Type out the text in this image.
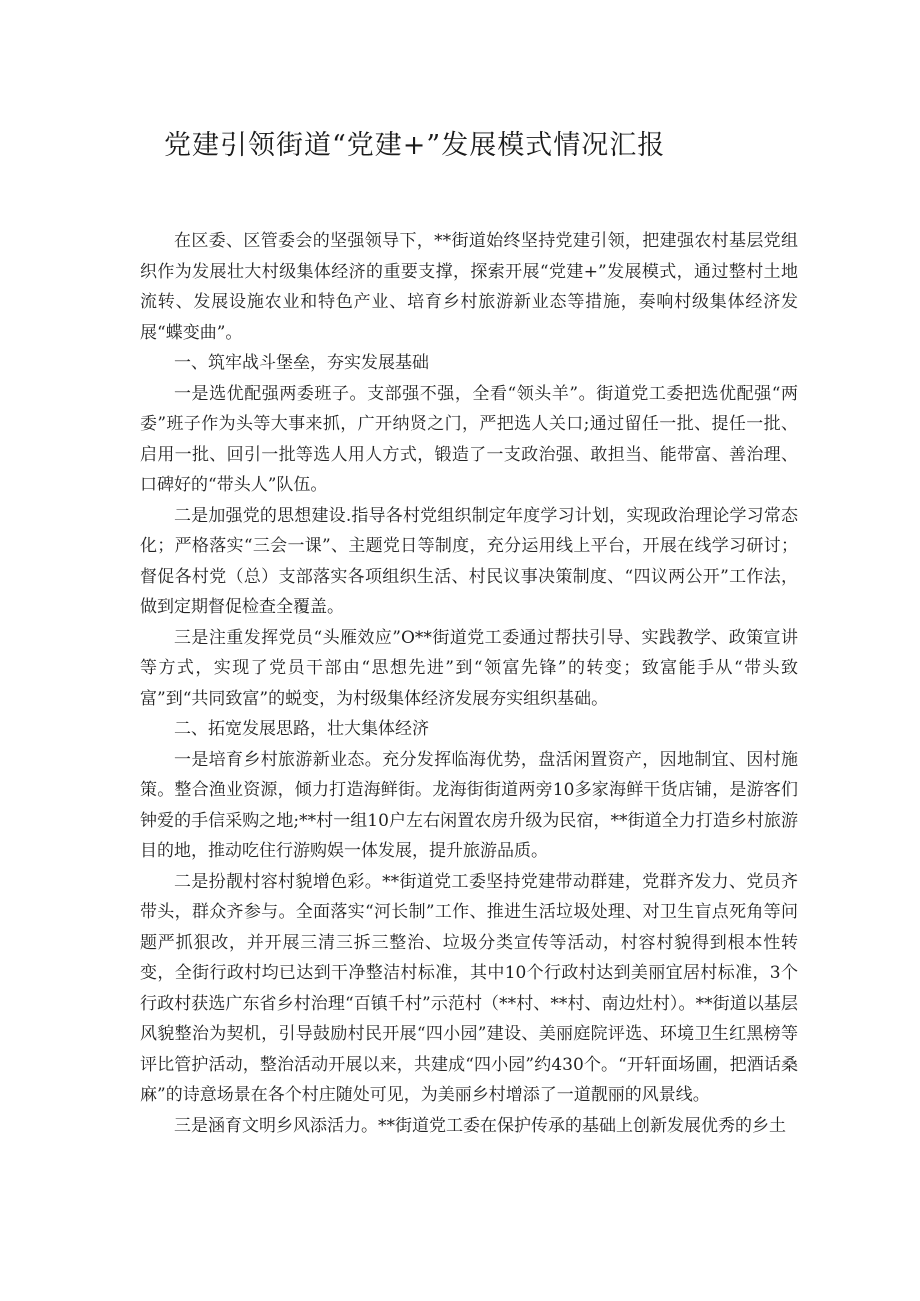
党建引领街道“党建+”发展模式情况汇报

在区委、区管委会的坚强领导下，**街道始终坚持党建引领，把建强农村基层党组织作为发展壮大村级集体经济的重要支撑，探索开展“党建+”发展模式，通过整村土地流转、发展设施农业和特色产业、培育乡村旅游新业态等措施，奏响村级集体经济发展“蝶变曲”。

一、筑牢战斗堡垒，夯实发展基础

一是选优配强两委班子。支部强不强，全看“领头羊”。街道党工委把选优配强“两委”班子作为头等大事来抓，广开纳贤之门，严把选人关口;通过留任一批、提任一批、启用一批、回引一批等选人用人方式，锻造了一支政治强、敢担当、能带富、善治理、口碑好的“带头人”队伍。

二是加强党的思想建设.指导各村党组织制定年度学习计划，实现政治理论学习常态化；严格落实“三会一课”、主题党日等制度，充分运用线上平台，开展在线学习研讨；督促各村党（总）支部落实各项组织生活、村民议事决策制度、“四议两公开”工作法，做到定期督促检查全覆盖。

三是注重发挥党员“头雁效应”O**街道党工委通过帮扶引导、实践教学、政策宣讲等方式，实现了党员干部由“思想先进”到“领富先锋”的转变；致富能手从“带头致富”到“共同致富”的蜕变，为村级集体经济发展夯实组织基础。

二、拓宽发展思路，壮大集体经济

一是培育乡村旅游新业态。充分发挥临海优势，盘活闲置资产，因地制宜、因村施策。整合渔业资源，倾力打造海鲜街。龙海街街道两旁10多家海鲜干货店铺，是游客们钟爱的手信采购之地;**村一组10户左右闲置农房升级为民宿，**街道全力打造乡村旅游目的地，推动吃住行游购娱一体发展，提升旅游品质。

二是扮靓村容村貌增色彩。**街道党工委坚持党建带动群建，党群齐发力、党员齐带头，群众齐参与。全面落实“河长制”工作、推进生活垃圾处理、对卫生盲点死角等问题严抓狠改，并开展三清三拆三整治、垃圾分类宣传等活动，村容村貌得到根本性转变，全街行政村均已达到干净整洁村标准，其中10个行政村达到美丽宜居村标准，3个行政村获选广东省乡村治理“百镇千村”示范村（**村、**村、南边灶村）。**街道以基层风貌整治为契机，引导鼓励村民开展“四小园”建设、美丽庭院评选、环境卫生红黑榜等评比管护活动，整治活动开展以来，共建成“四小园”约430个。“开轩面场圃，把酒话桑麻”的诗意场景在各个村庄随处可见，为美丽乡村增添了一道靓丽的风景线。

三是涵育文明乡风添活力。**街道党工委在保护传承的基础上创新发展优秀的乡土
